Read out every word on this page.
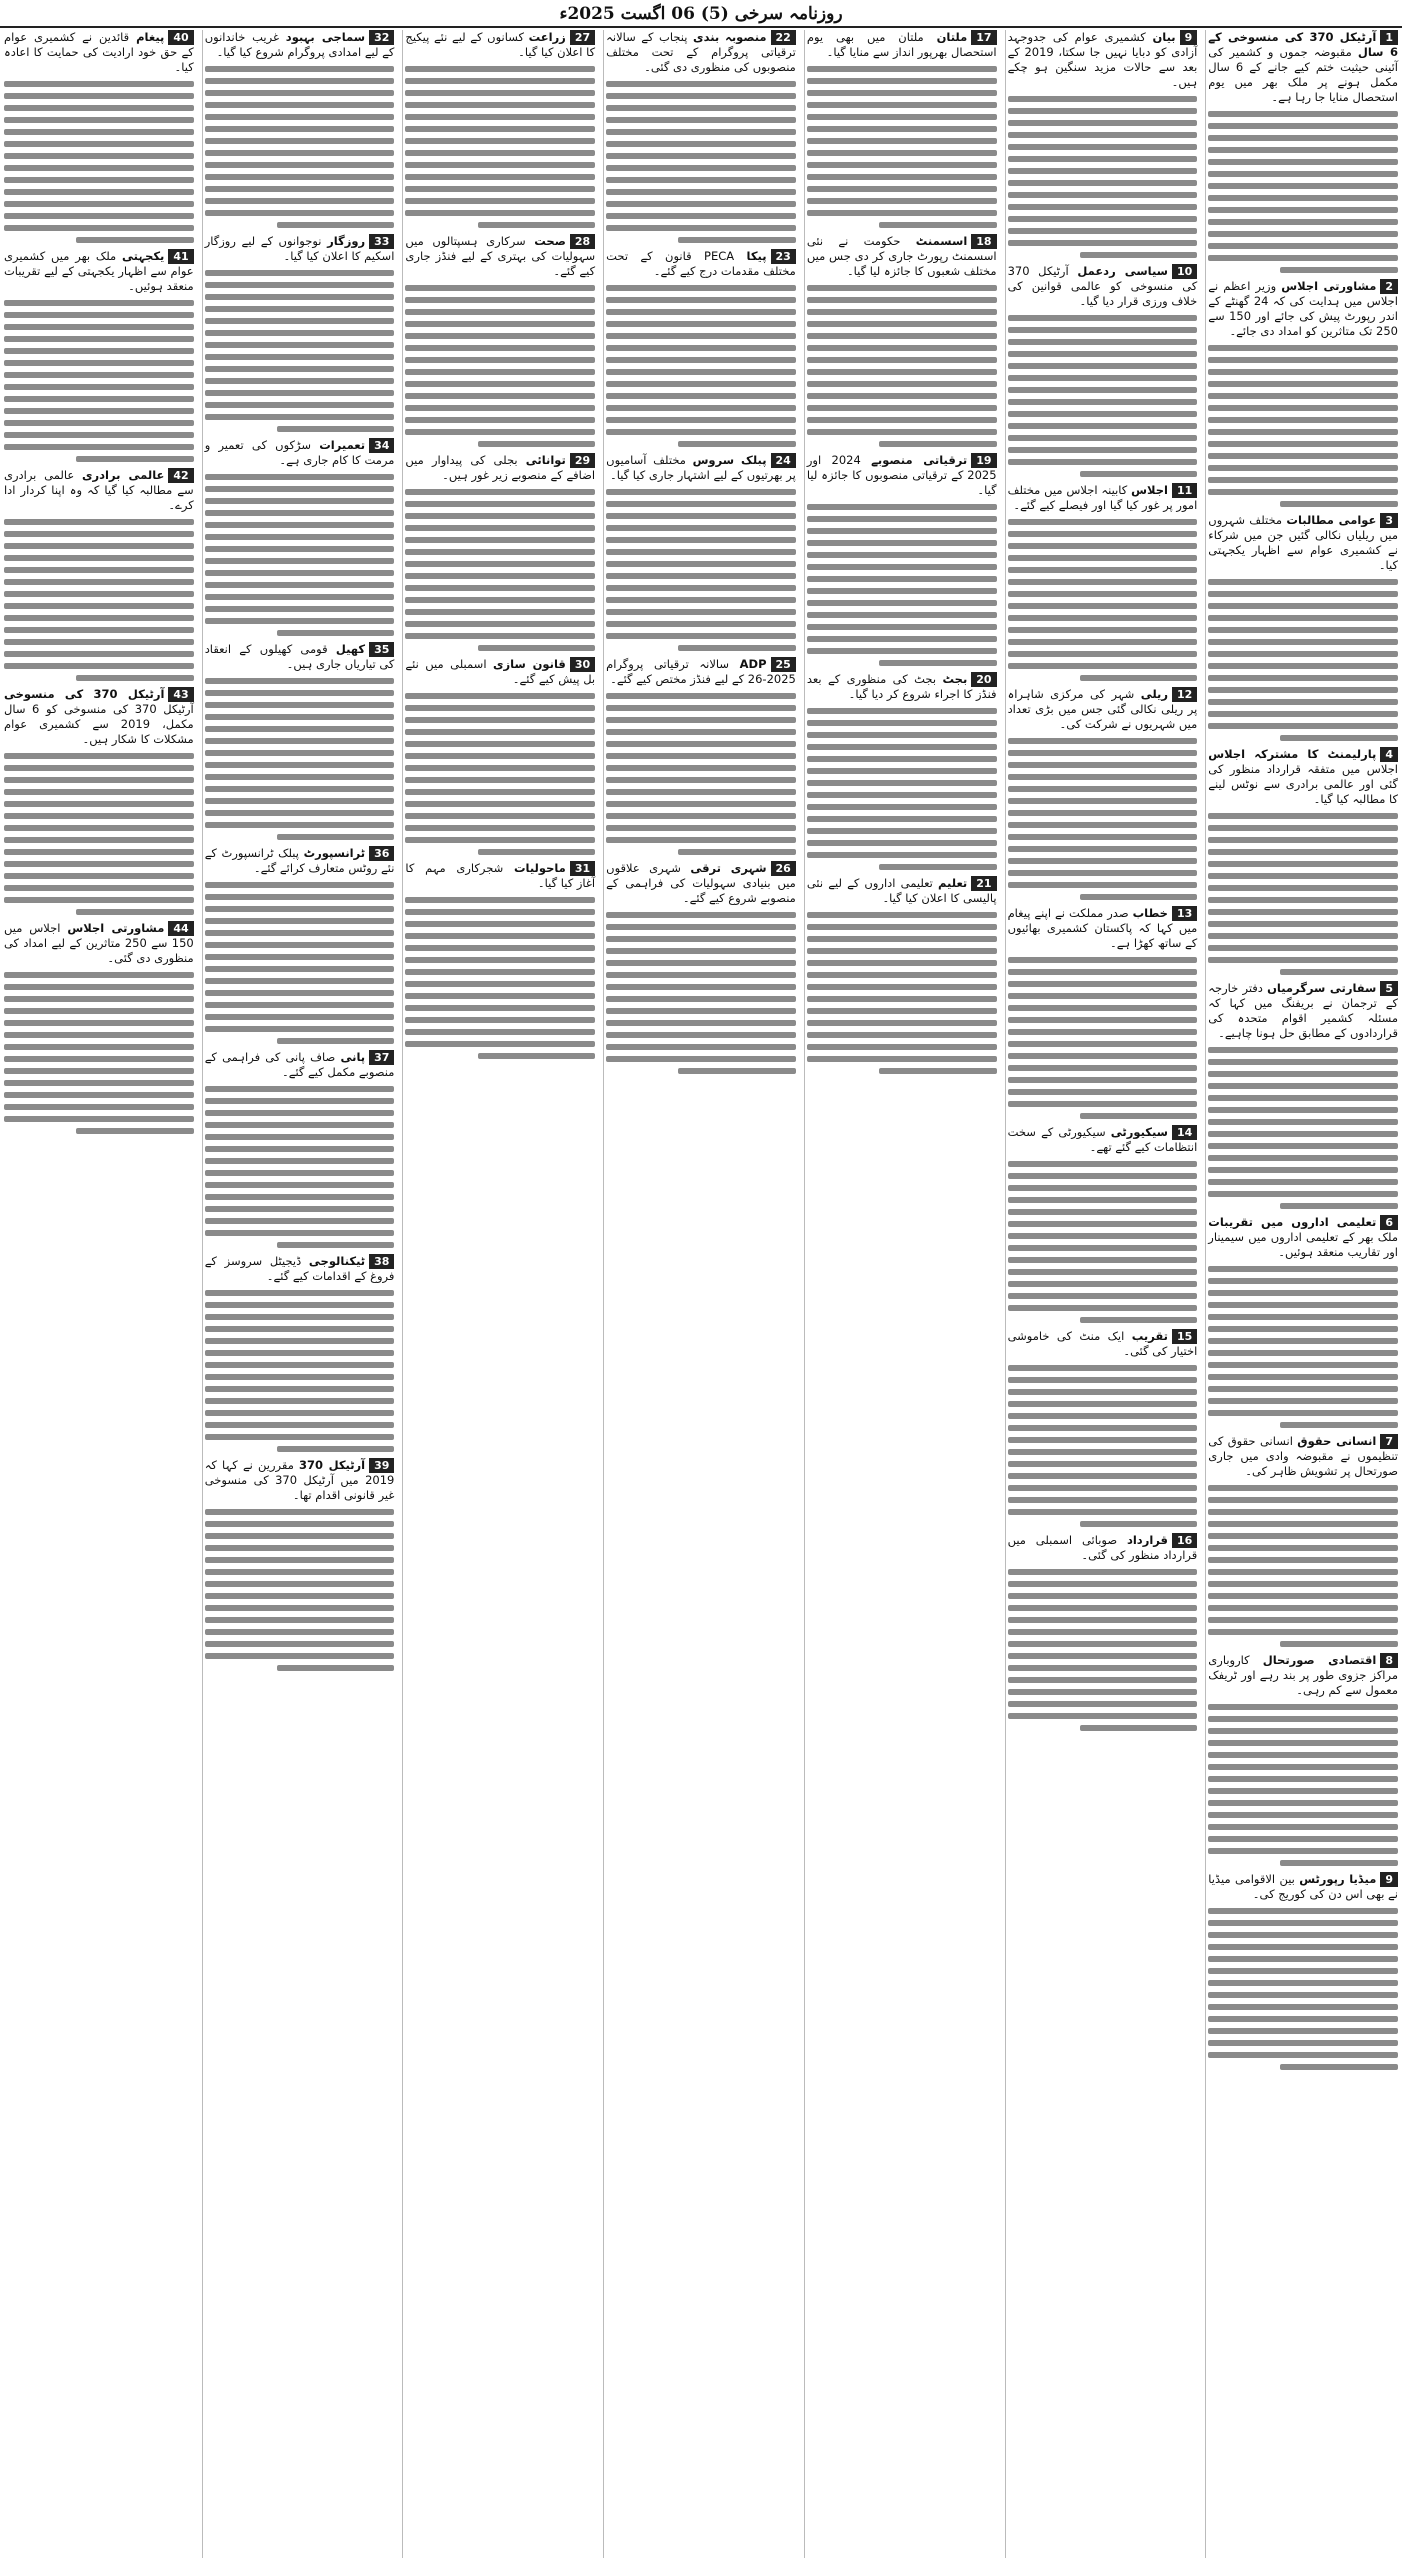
روزنامہ سرخی (5) 06 اگست 2025ء
1
آرٹیکل 370 کی منسوخی کے 6 سال مقبوضہ جموں و کشمیر کی آئینی حیثیت ختم کیے جانے کے 6 سال مکمل ہونے پر ملک بھر میں یوم استحصال منایا جا رہا ہے۔
2
مشاورتی اجلاس وزیر اعظم نے اجلاس میں ہدایت کی کہ 24 گھنٹے کے اندر رپورٹ پیش کی جائے اور 150 سے 250 تک متاثرین کو امداد دی جائے۔
3
عوامی مطالبات مختلف شہروں میں ریلیاں نکالی گئیں جن میں شرکاء نے کشمیری عوام سے اظہار یکجہتی کیا۔
4
پارلیمنٹ کا مشترکہ اجلاس اجلاس میں متفقہ قرارداد منظور کی گئی اور عالمی برادری سے نوٹس لینے کا مطالبہ کیا گیا۔
5
سفارتی سرگرمیاں دفتر خارجہ کے ترجمان نے بریفنگ میں کہا کہ مسئلہ کشمیر اقوام متحدہ کی قراردادوں کے مطابق حل ہونا چاہیے۔
6
تعلیمی اداروں میں تقریبات ملک بھر کے تعلیمی اداروں میں سیمینار اور تقاریب منعقد ہوئیں۔
7
انسانی حقوق انسانی حقوق کی تنظیموں نے مقبوضہ وادی میں جاری صورتحال پر تشویش ظاہر کی۔
8
اقتصادی صورتحال کاروباری مراکز جزوی طور پر بند رہے اور ٹریفک معمول سے کم رہی۔
9
میڈیا رپورٹس بین الاقوامی میڈیا نے بھی اس دن کی کوریج کی۔
9
بیان کشمیری عوام کی جدوجہد آزادی کو دبایا نہیں جا سکتا، 2019 کے بعد سے حالات مزید سنگین ہو چکے ہیں۔
10
سیاسی ردعمل آرٹیکل 370 کی منسوخی کو عالمی قوانین کی خلاف ورزی قرار دیا گیا۔
11
اجلاس کابینہ اجلاس میں مختلف امور پر غور کیا گیا اور فیصلے کیے گئے۔
12
ریلی شہر کی مرکزی شاہراہ پر ریلی نکالی گئی جس میں بڑی تعداد میں شہریوں نے شرکت کی۔
13
خطاب صدر مملکت نے اپنے پیغام میں کہا کہ پاکستان کشمیری بھائیوں کے ساتھ کھڑا ہے۔
14
سیکیورٹی سیکیورٹی کے سخت انتظامات کیے گئے تھے۔
15
تقریب ایک منٹ کی خاموشی اختیار کی گئی۔
16
قرارداد صوبائی اسمبلی میں قرارداد منظور کی گئی۔
17
ملتان ملتان میں بھی یوم استحصال بھرپور انداز سے منایا گیا۔
18
اسسمنٹ حکومت نے نئی اسسمنٹ رپورٹ جاری کر دی جس میں مختلف شعبوں کا جائزہ لیا گیا۔
19
ترقیاتی منصوبے 2024 اور 2025 کے ترقیاتی منصوبوں کا جائزہ لیا گیا۔
20
بجٹ بجٹ کی منظوری کے بعد فنڈز کا اجراء شروع کر دیا گیا۔
21
تعلیم تعلیمی اداروں کے لیے نئی پالیسی کا اعلان کیا گیا۔
22
منصوبہ بندی پنجاب کے سالانہ ترقیاتی پروگرام کے تحت مختلف منصوبوں کی منظوری دی گئی۔
23
پیکا PECA قانون کے تحت مختلف مقدمات درج کیے گئے۔
24
پبلک سروس مختلف آسامیوں پر بھرتیوں کے لیے اشتہار جاری کیا گیا۔
25
ADP سالانہ ترقیاتی پروگرام 2025-26 کے لیے فنڈز مختص کیے گئے۔
26
شہری ترقی شہری علاقوں میں بنیادی سہولیات کی فراہمی کے منصوبے شروع کیے گئے۔
27
زراعت کسانوں کے لیے نئے پیکیج کا اعلان کیا گیا۔
28
صحت سرکاری ہسپتالوں میں سہولیات کی بہتری کے لیے فنڈز جاری کیے گئے۔
29
توانائی بجلی کی پیداوار میں اضافے کے منصوبے زیر غور ہیں۔
30
قانون سازی اسمبلی میں نئے بل پیش کیے گئے۔
31
ماحولیات شجرکاری مہم کا آغاز کیا گیا۔
32
سماجی بہبود غریب خاندانوں کے لیے امدادی پروگرام شروع کیا گیا۔
33
روزگار نوجوانوں کے لیے روزگار اسکیم کا اعلان کیا گیا۔
34
تعمیرات سڑکوں کی تعمیر و مرمت کا کام جاری ہے۔
35
کھیل قومی کھیلوں کے انعقاد کی تیاریاں جاری ہیں۔
36
ٹرانسپورٹ پبلک ٹرانسپورٹ کے نئے روٹس متعارف کرائے گئے۔
37
پانی صاف پانی کی فراہمی کے منصوبے مکمل کیے گئے۔
38
ٹیکنالوجی ڈیجیٹل سروسز کے فروغ کے اقدامات کیے گئے۔
39
آرٹیکل 370 مقررین نے کہا کہ 2019 میں آرٹیکل 370 کی منسوخی غیر قانونی اقدام تھا۔
40
پیغام قائدین نے کشمیری عوام کے حق خود ارادیت کی حمایت کا اعادہ کیا۔
41
یکجہتی ملک بھر میں کشمیری عوام سے اظہار یکجہتی کے لیے تقریبات منعقد ہوئیں۔
42
عالمی برادری عالمی برادری سے مطالبہ کیا گیا کہ وہ اپنا کردار ادا کرے۔
43
آرٹیکل 370 کی منسوخی آرٹیکل 370 کی منسوخی کو 6 سال مکمل، 2019 سے کشمیری عوام مشکلات کا شکار ہیں۔
44
مشاورتی اجلاس اجلاس میں 150 سے 250 متاثرین کے لیے امداد کی منظوری دی گئی۔
